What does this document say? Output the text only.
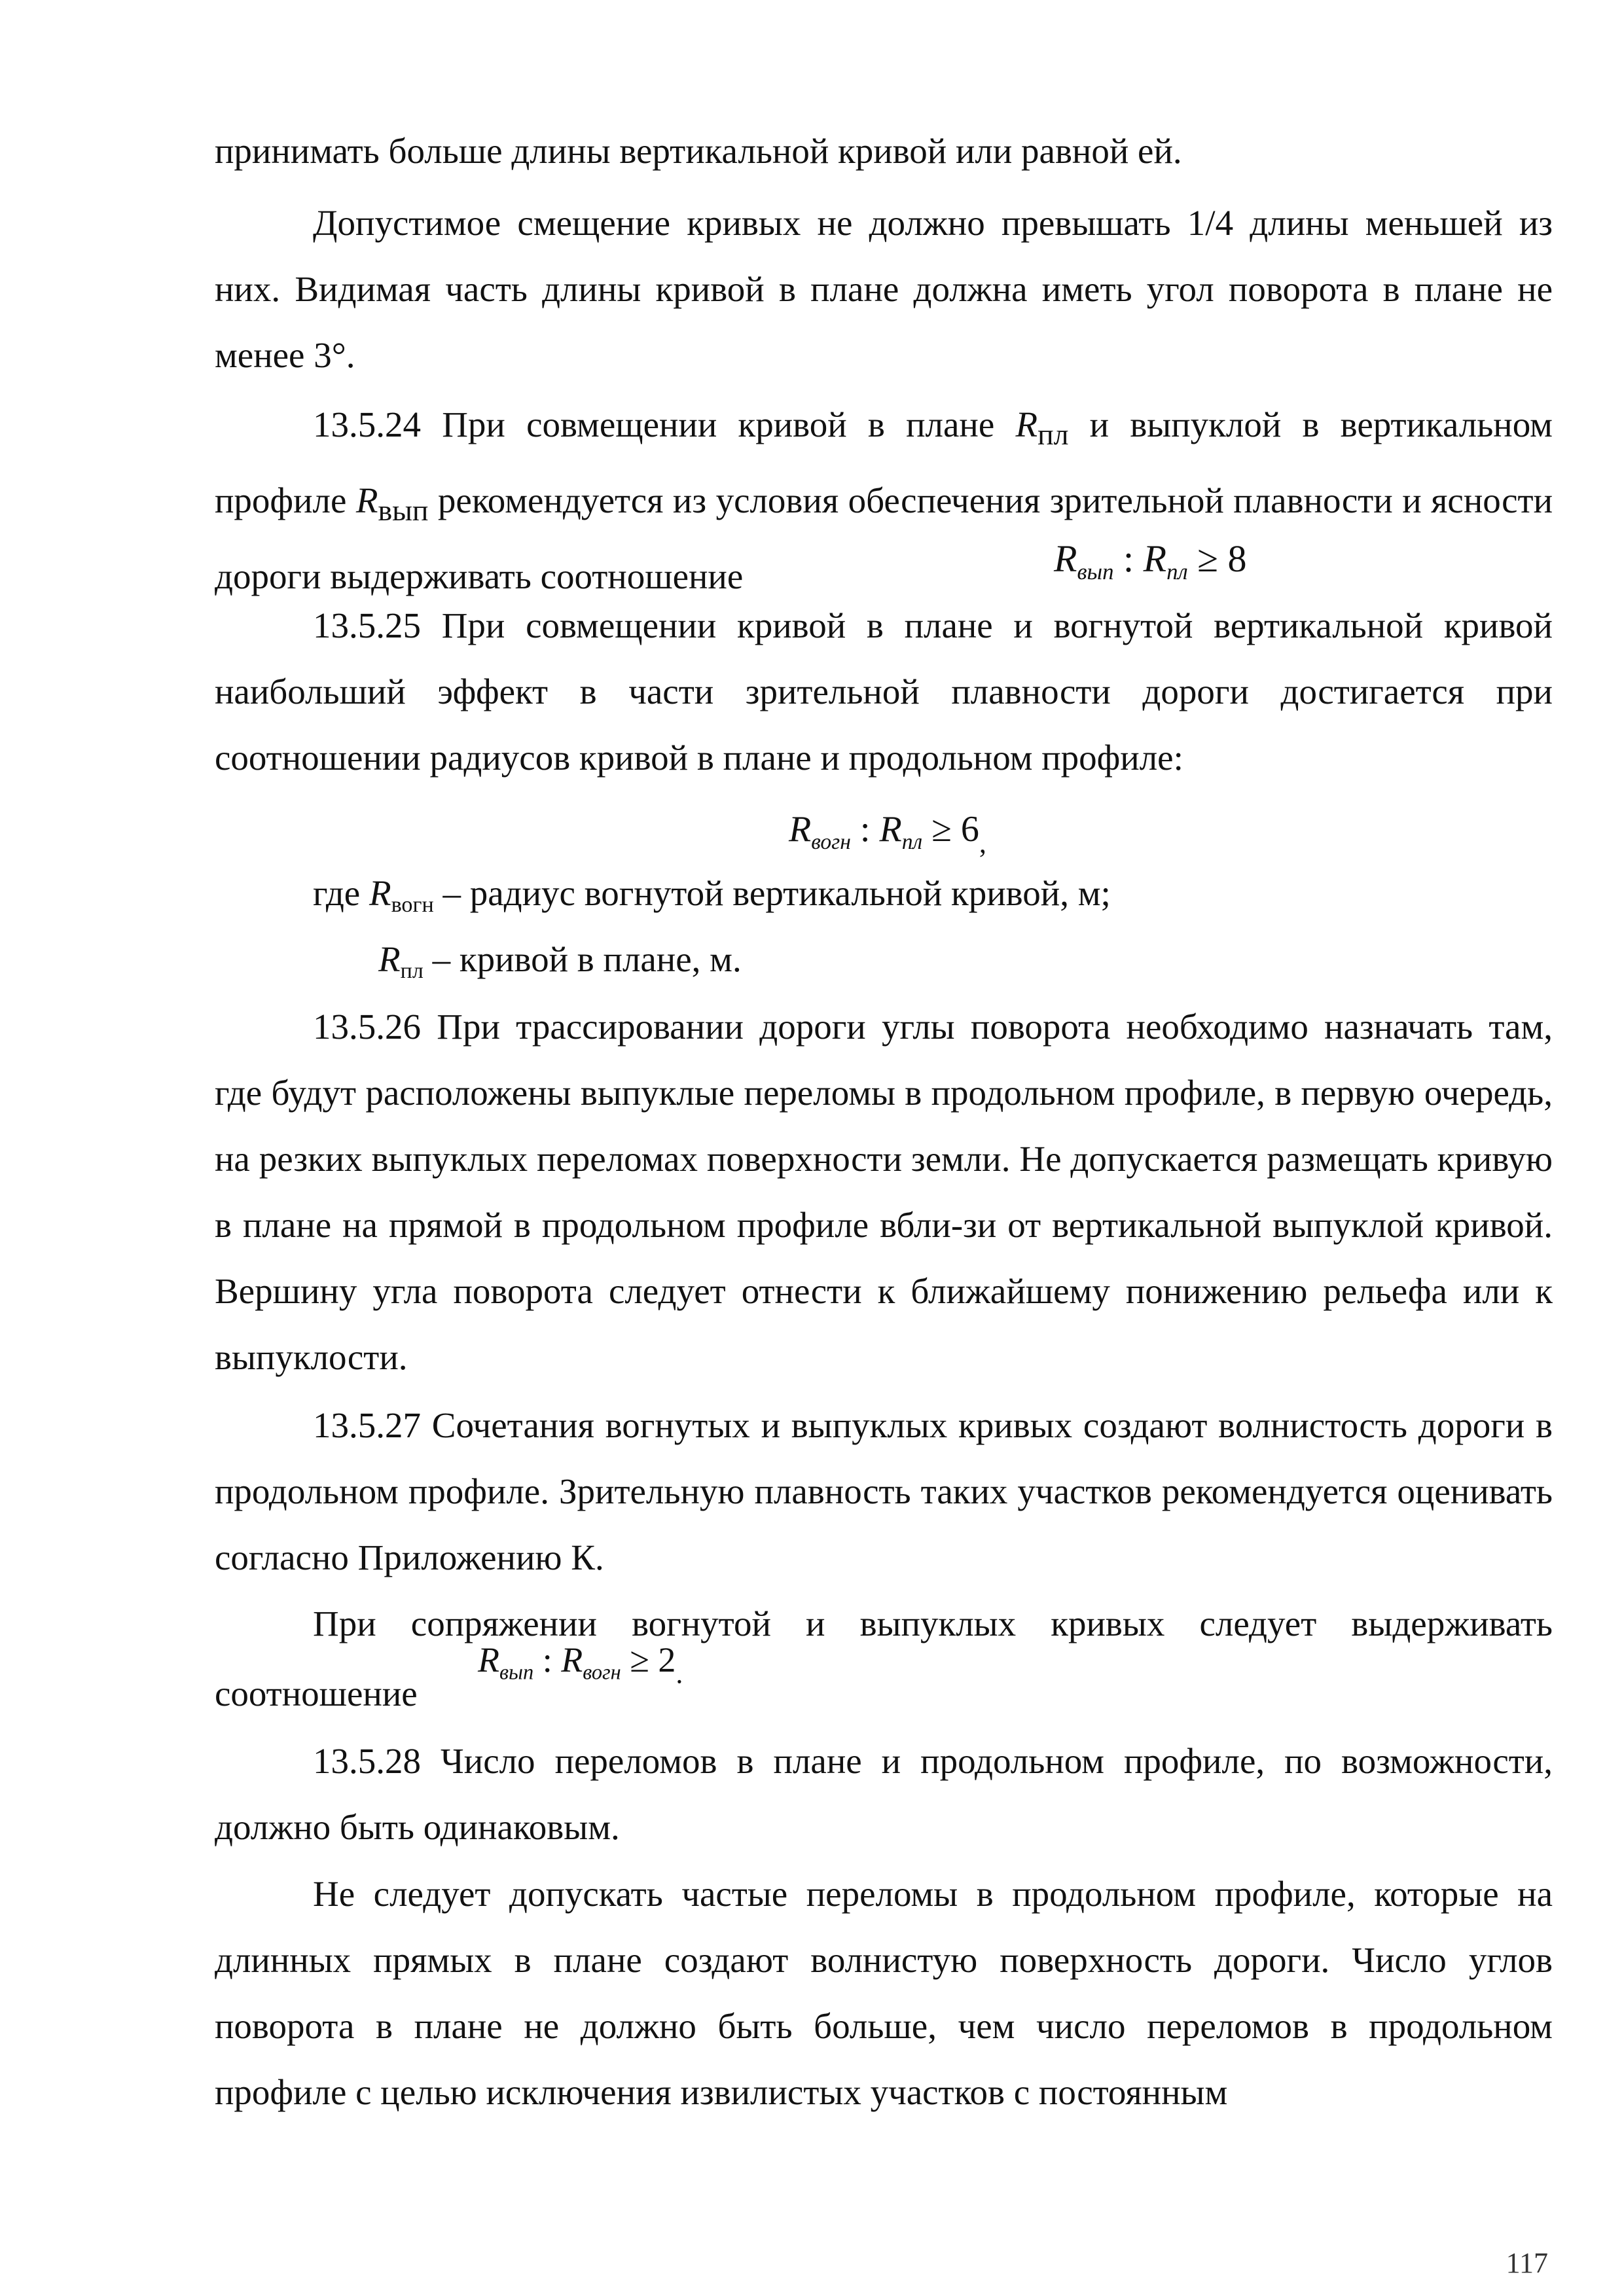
принимать больше длины вертикальной кривой или равной ей.

Допустимое смещение кривых не должно превышать 1/4 длины меньшей из них. Видимая часть длины кривой в плане должна иметь угол поворота в плане не менее 3°.

13.5.24 При совмещении кривой в плане $R_{пл}$ и выпуклой в вертикальном профиле $R_{вып}$ рекомендуется из условия обеспечения зрительной плавности и ясности дороги выдерживать соотношение	$R_{вып}$ : $R_{пл} \ge 8$

13.5.25 При совмещении кривой в плане и вогнутой вертикальной кривой наибольший эффект в части зрительной плавности дороги достигается при соотношении радиусов кривой в плане и продольном профиле:

$R_{вогн}$ : $R_{пл} \ge 6_,$
где $R_{вогн}$ – радиус вогнутой вертикальной кривой, м;
$R_{пл}$ – кривой в плане, м.

13.5.26 При трассировании дороги углы поворота необходимо назначать там, где будут расположены выпуклые переломы в продольном профиле, в первую очередь, на резких выпуклых переломах поверхности земли. Не допускается размещать кривую в плане на прямой в продольном профиле вбли-зи от вертикальной выпуклой кривой. Вершину угла поворота следует отнести к ближайшему понижению рельефа или к выпуклости.

13.5.27 Сочетания вогнутых и выпуклых кривых создают волнистость дороги в продольном профиле. Зрительную плавность таких участков рекомендуется оценивать согласно Приложению К.

При сопряжении вогнутой и выпуклых кривых следует выдерживать

соотношение
$R_{вып}$ : $R_{вогн} \ge 2_.$

13.5.28 Число переломов в плане и продольном профиле, по возможности, должно быть одинаковым.

Не следует допускать частые переломы в продольном профиле, которые на длинных прямых в плане создают волнистую поверхность дороги. Число углов поворота в плане не должно быть больше, чем число переломов в продольном профиле с целью исключения извилистых участков с постоянным

117
